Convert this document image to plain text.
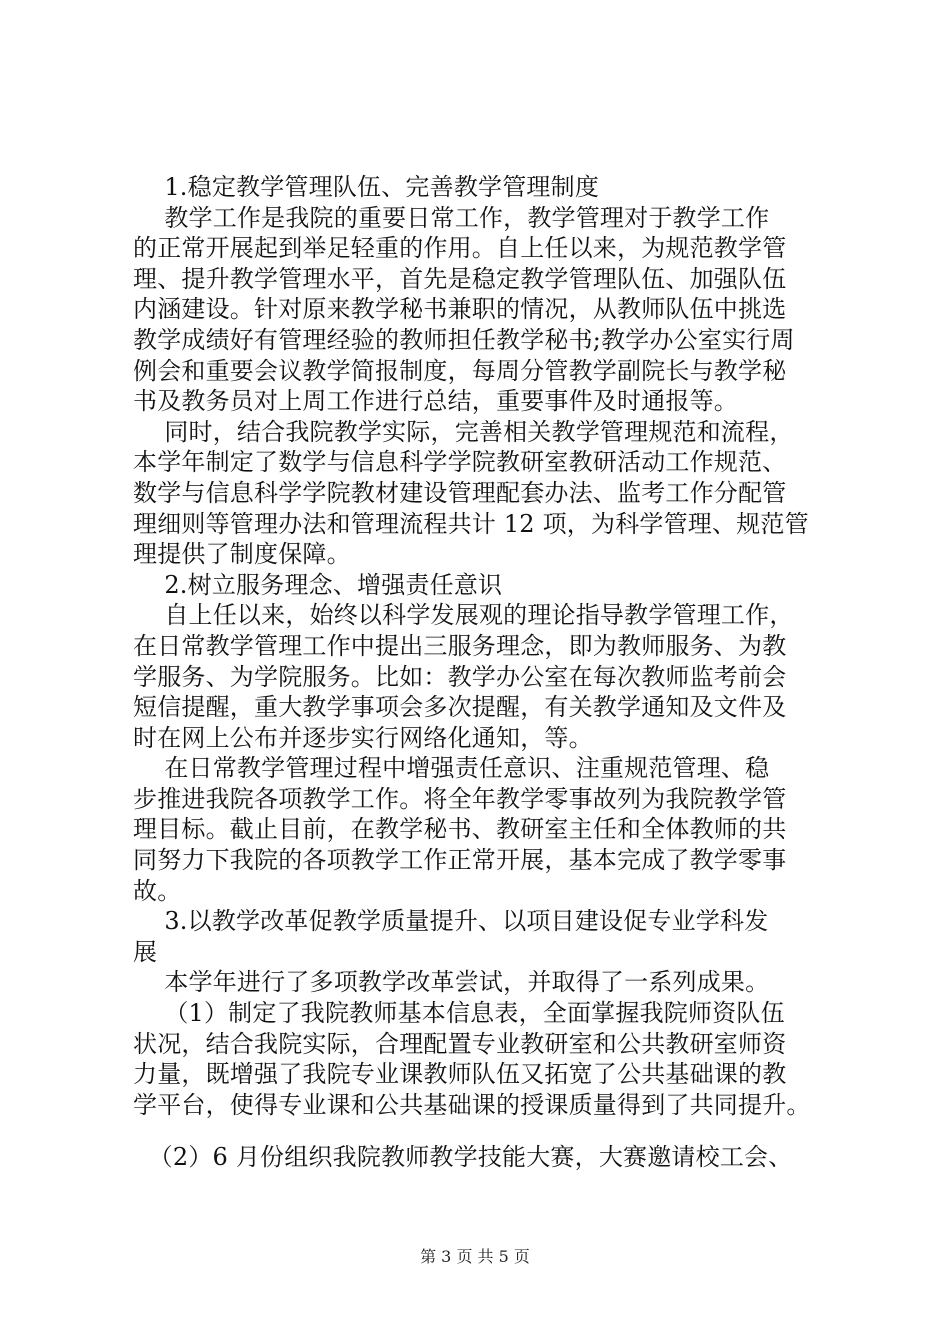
1.稳定教学管理队伍、完善教学管理制度
教学工作是我院的重要日常工作，教学管理对于教学工作
的正常开展起到举足轻重的作用。自上任以来，为规范教学管
理、提升教学管理水平，首先是稳定教学管理队伍、加强队伍
内涵建设。针对原来教学秘书兼职的情况，从教师队伍中挑选
教学成绩好有管理经验的教师担任教学秘书;教学办公室实行周
例会和重要会议教学简报制度，每周分管教学副院长与教学秘
书及教务员对上周工作进行总结，重要事件及时通报等。
同时，结合我院教学实际，完善相关教学管理规范和流程，
本学年制定了数学与信息科学学院教研室教研活动工作规范、
数学与信息科学学院教材建设管理配套办法、监考工作分配管
理细则等管理办法和管理流程共计 12 项，为科学管理、规范管
理提供了制度保障。
2.树立服务理念、增强责任意识
自上任以来，始终以科学发展观的理论指导教学管理工作，
在日常教学管理工作中提出三服务理念，即为教师服务、为教
学服务、为学院服务。比如：教学办公室在每次教师监考前会
短信提醒，重大教学事项会多次提醒，有关教学通知及文件及
时在网上公布并逐步实行网络化通知，等。
在日常教学管理过程中增强责任意识、注重规范管理、稳
步推进我院各项教学工作。将全年教学零事故列为我院教学管
理目标。截止目前，在教学秘书、教研室主任和全体教师的共
同努力下我院的各项教学工作正常开展，基本完成了教学零事
故。
3.以教学改革促教学质量提升、以项目建设促专业学科发
展
本学年进行了多项教学改革尝试，并取得了一系列成果。
（1）制定了我院教师基本信息表，全面掌握我院师资队伍
状况，结合我院实际，合理配置专业教研室和公共教研室师资
力量，既增强了我院专业课教师队伍又拓宽了公共基础课的教
学平台，使得专业课和公共基础课的授课质量得到了共同提升。
（2）6 月份组织我院教师教学技能大赛，大赛邀请校工会、
第 3 页 共 5 页
